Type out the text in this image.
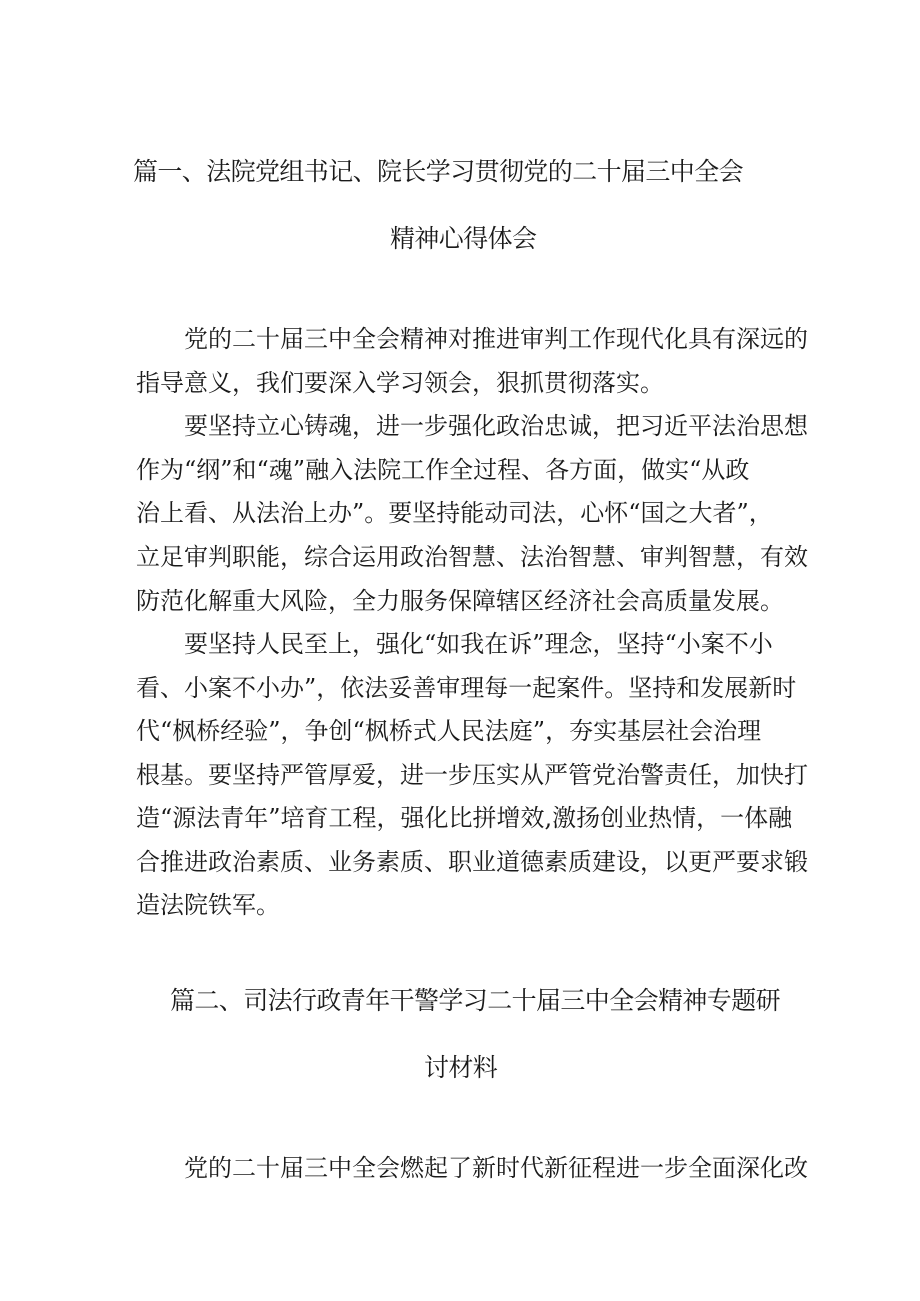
篇一、法院党组书记、院长学习贯彻党的二十届三中全会
精神心得体会
党的二十届三中全会精神对推进审判工作现代化具有深远的
指导意义，我们要深入学习领会，狠抓贯彻落实。
要坚持立心铸魂，进一步强化政治忠诚，把习近平法治思想
作为“纲”和“魂”融入法院工作全过程、各方面，做实“从政
治上看、从法治上办”。要坚持能动司法，心怀“国之大者”，
立足审判职能，综合运用政治智慧、法治智慧、审判智慧，有效
防范化解重大风险，全力服务保障辖区经济社会高质量发展。
要坚持人民至上，强化“如我在诉”理念，坚持“小案不小
看、小案不小办”，依法妥善审理每一起案件。坚持和发展新时
代“枫桥经验”，争创“枫桥式人民法庭”，夯实基层社会治理
根基。要坚持严管厚爱，进一步压实从严管党治警责任，加快打
造“源法青年”培育工程，强化比拼增效,激扬创业热情，一体融
合推进政治素质、业务素质、职业道德素质建设，以更严要求锻
造法院铁军。
篇二、司法行政青年干警学习二十届三中全会精神专题研
讨材料
党的二十届三中全会燃起了新时代新征程进一步全面深化改
